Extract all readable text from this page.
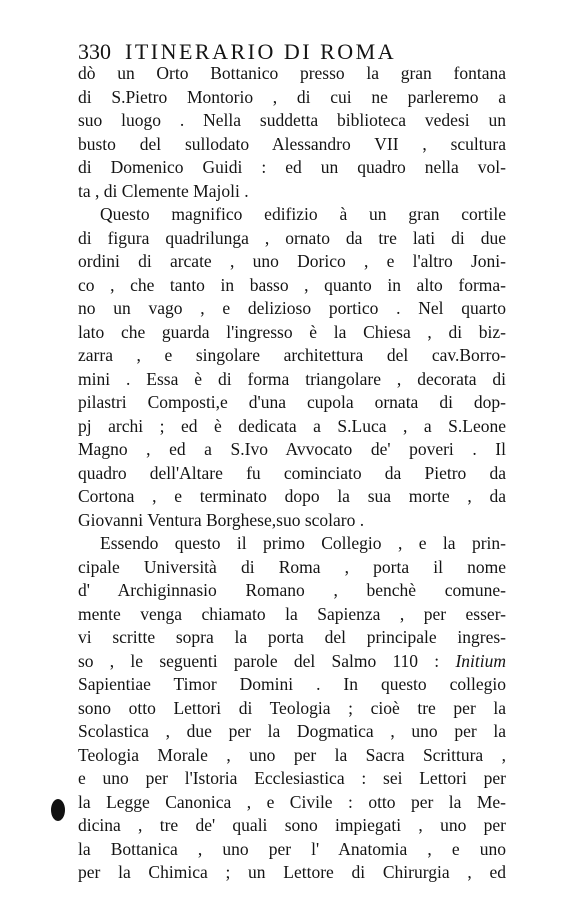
330 ITINERARIO DI ROMA

dò un Orto Bottanico presso la gran fontana
di S.Pietro Montorio , di cui ne parleremo a
suo luogo . Nella suddetta biblioteca vedesi un
busto del sullodato Alessandro VII , scultura
di Domenico Guidi : ed un quadro nella vol-
ta , di Clemente Majoli .

Questo magnifico edifizio à un gran cortile
di figura quadrilunga , ornato da tre lati di due
ordini di arcate , uno Dorico , e l'altro Joni-
co , che tanto in basso , quanto in alto forma-
no un vago , e delizioso portico . Nel quarto
lato che guarda l'ingresso è la Chiesa , di biz-
zarra , e singolare architettura del cav.Borro-
mini . Essa è di forma triangolare , decorata di
pilastri Composti,e d'una cupola ornata di dop-
pj archi ; ed è dedicata a S.Luca , a S.Leone
Magno , ed a S.Ivo Avvocato de' poveri . Il
quadro dell'Altare fu cominciato da Pietro da
Cortona , e terminato dopo la sua morte , da
Giovanni Ventura Borghese,suo scolaro .

Essendo questo il primo Collegio , e la prin-
cipale Università di Roma , porta il nome
d' Archiginnasio Romano , benchè comune-
mente venga chiamato la Sapienza , per esser-
vi scritte sopra la porta del principale ingres-
so , le seguenti parole del Salmo 110 : Initium
Sapientiae Timor Domini . In questo collegio
sono otto Lettori di Teologia ; cioè tre per la
Scolastica , due per la Dogmatica , uno per la
Teologia Morale , uno per la Sacra Scrittura ,
e uno per l'Istoria Ecclesiastica : sei Lettori per
la Legge Canonica , e Civile : otto per la Me-
dicina , tre de' quali sono impiegati , uno per
la Bottanica , uno per l' Anatomia , e uno
per la Chimica ; un Lettore di Chirurgia , ed
